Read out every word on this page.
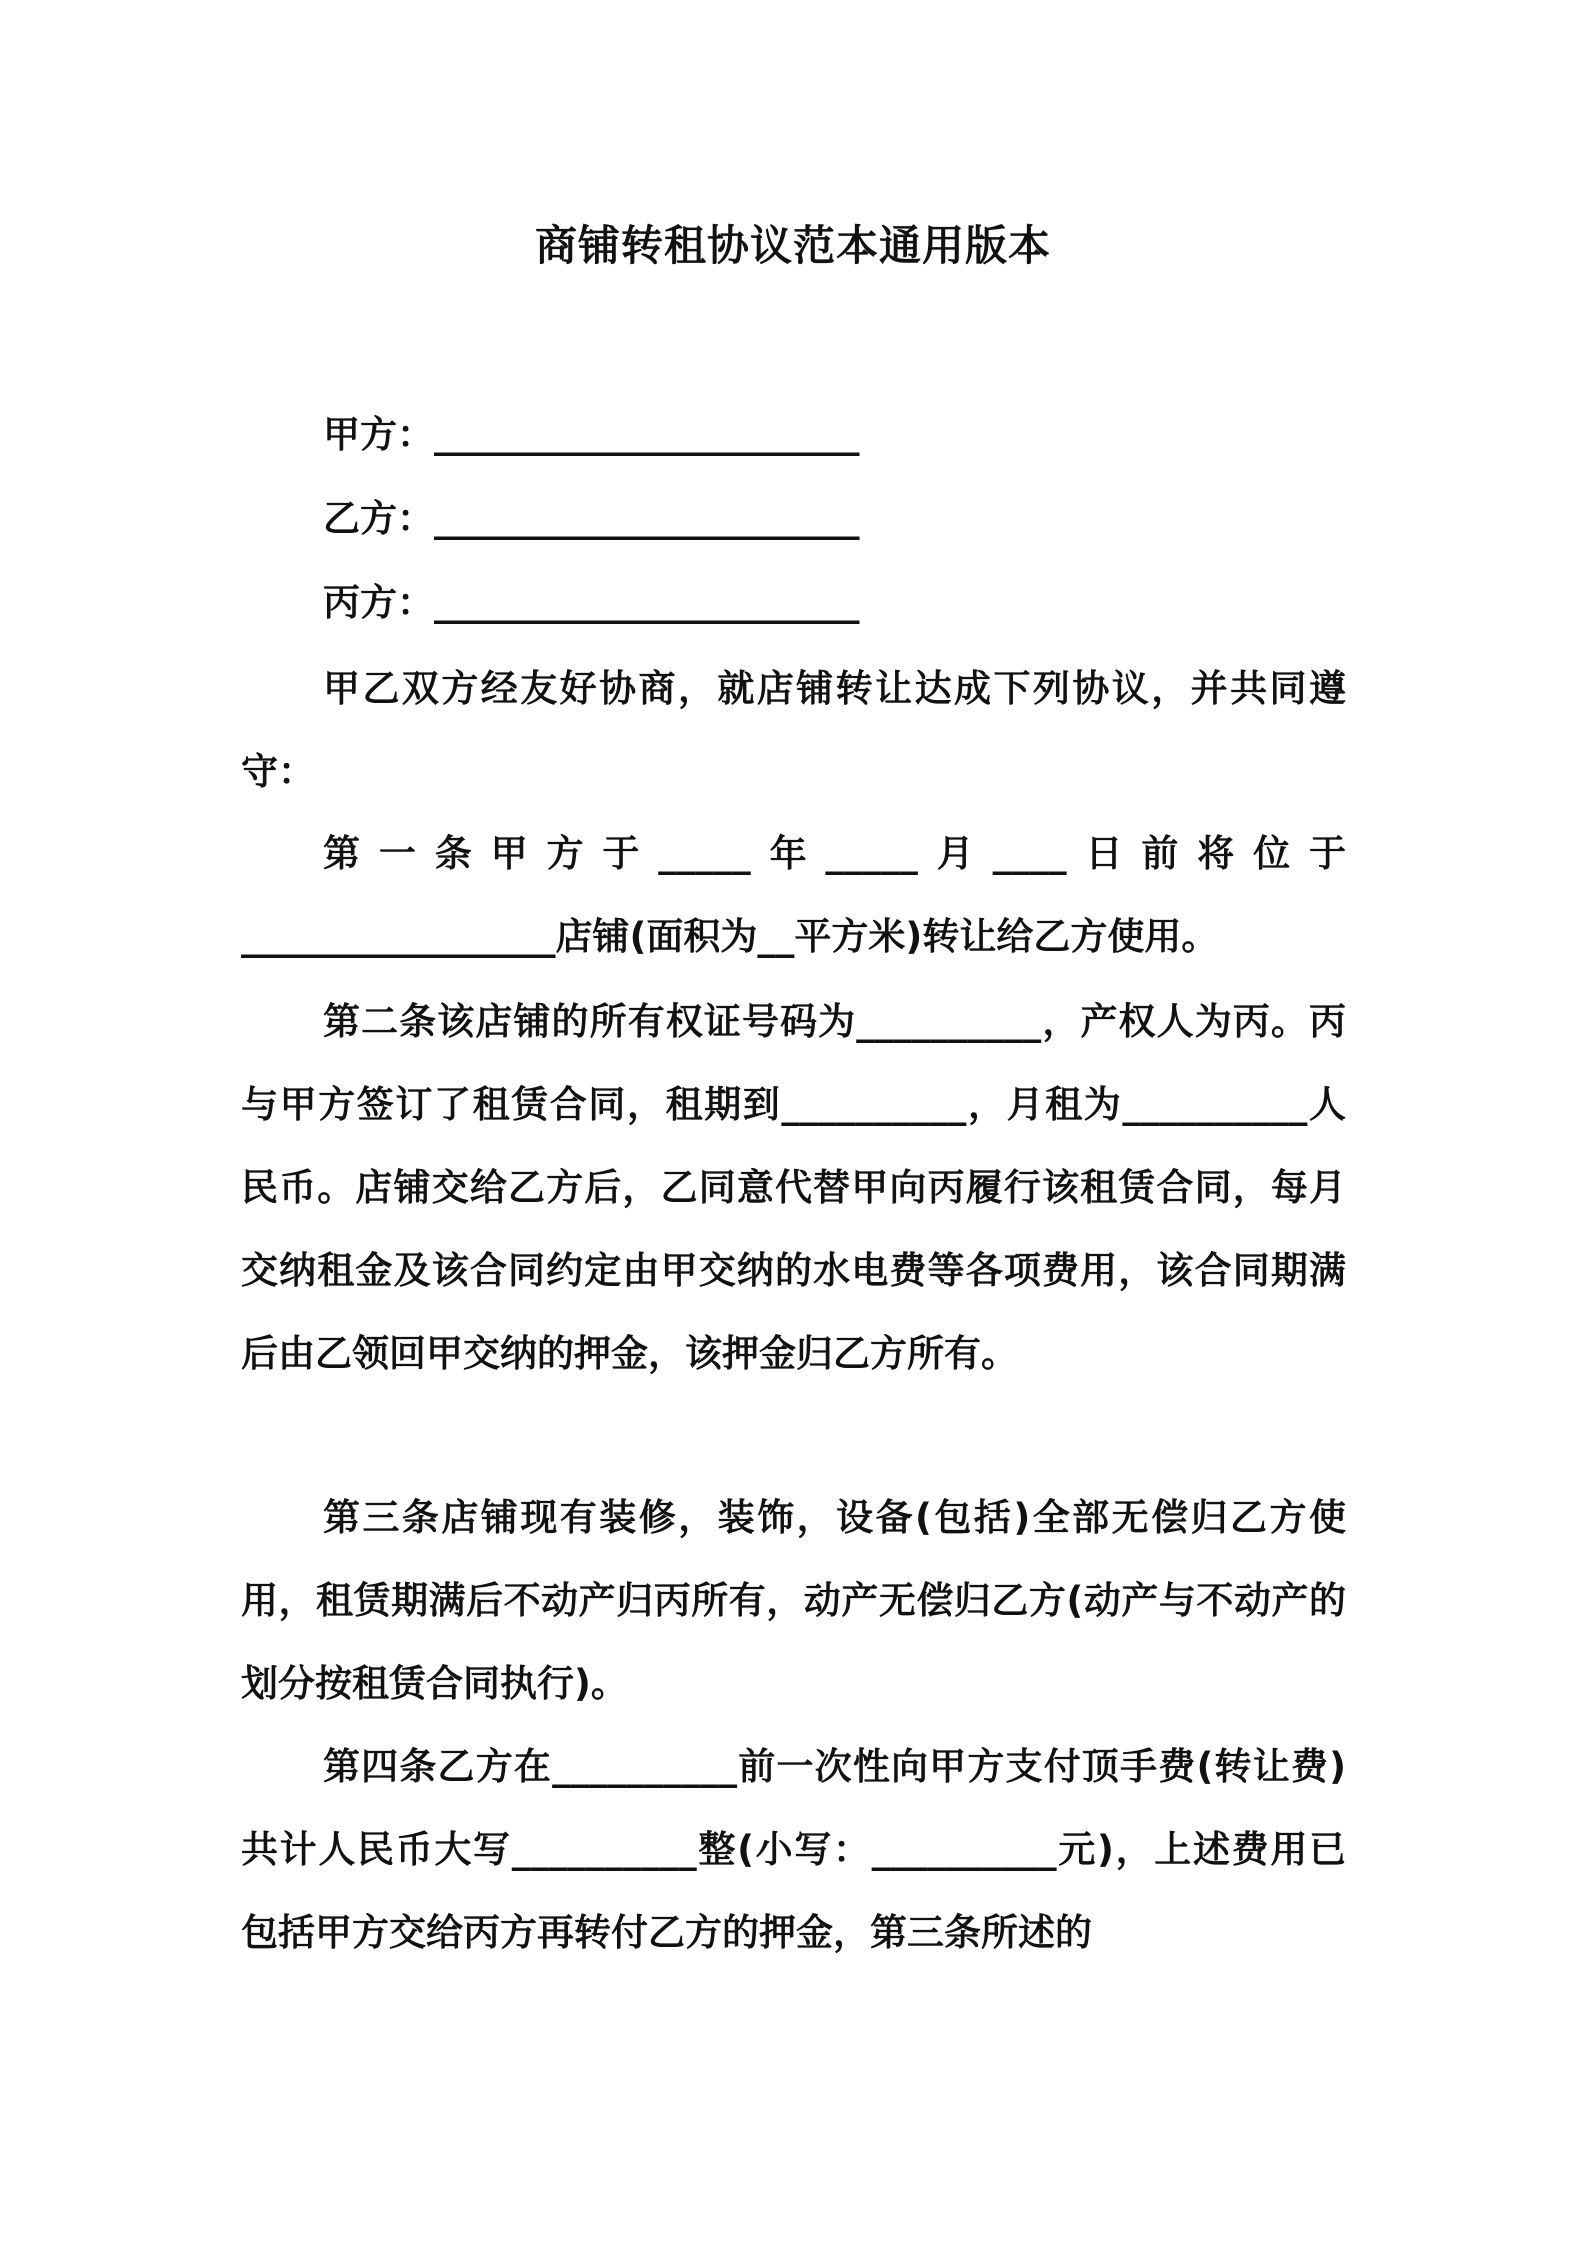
商铺转租协议范本通用版本
甲方：_______________________
乙方：_______________________
丙方：_______________________

甲乙双方经友好协商，就店铺转让达成下列协议，并共同遵守：

第一条甲方于_____年_____月____日前将位于_________________店铺(面积为__平方米)转让给乙方使用。

第二条该店铺的所有权证号码为__________，产权人为丙。丙与甲方签订了租赁合同，租期到__________，月租为__________人民币。店铺交给乙方后，乙同意代替甲向丙履行该租赁合同，每月交纳租金及该合同约定由甲交纳的水电费等各项费用，该合同期满后由乙领回甲交纳的押金，该押金归乙方所有。

第三条店铺现有装修，装饰，设备(包括)全部无偿归乙方使用，租赁期满后不动产归丙所有，动产无偿归乙方(动产与不动产的划分按租赁合同执行)。

第四条乙方在__________前一次性向甲方支付顶手费(转让费)共计人民币大写__________整(小写：__________元)，上述费用已包括甲方交给丙方再转付乙方的押金，第三条所述的
